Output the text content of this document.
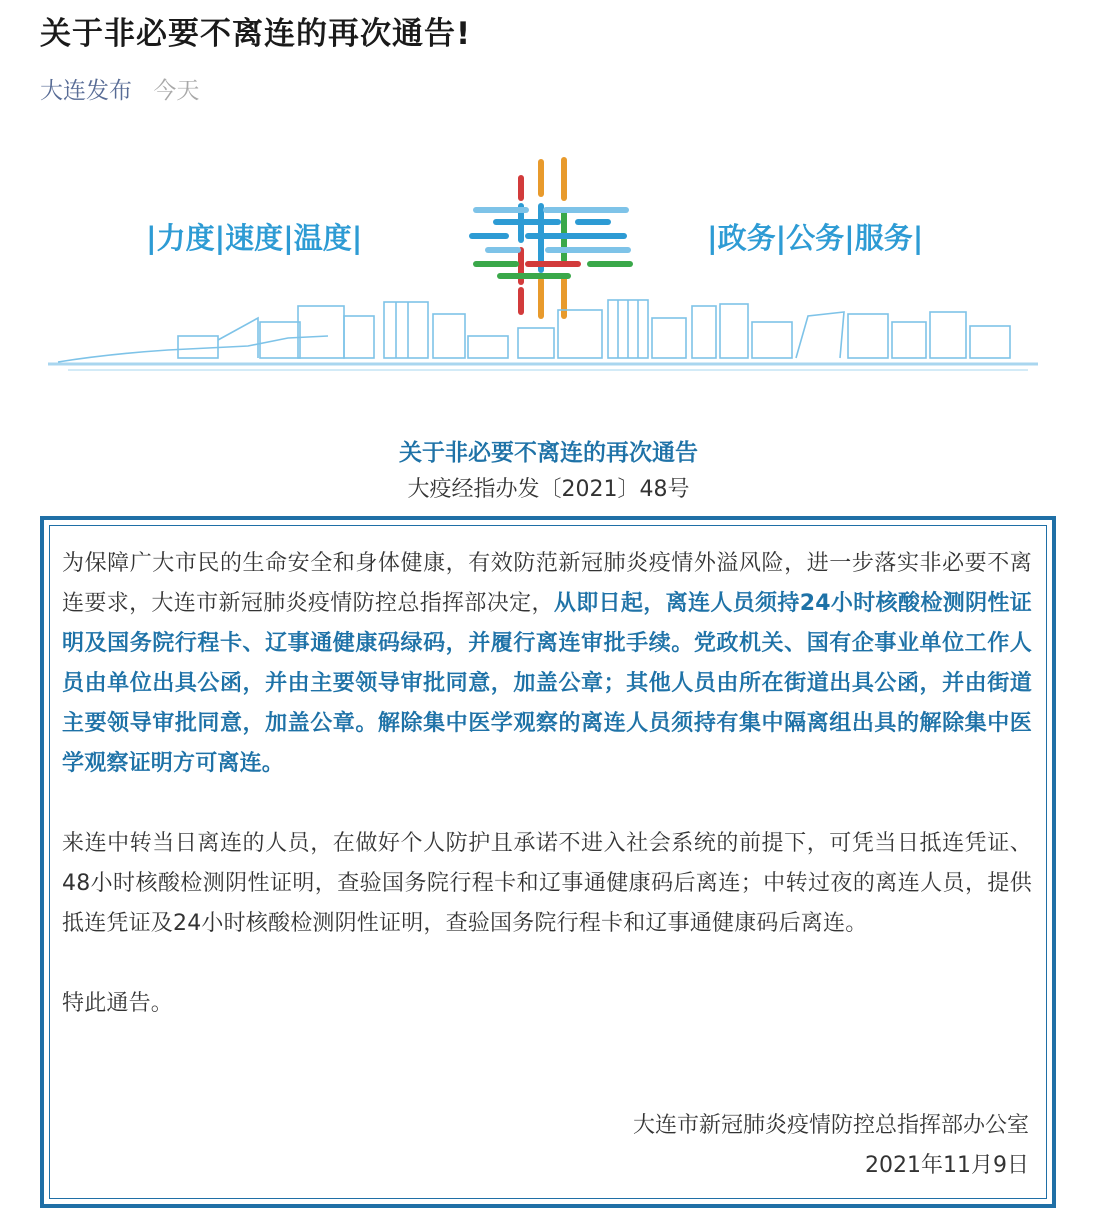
关于非必要不离连的再次通告!
大连发布 今天
|力度|速度|温度|	|政务|公务|服务|
关于非必要不离连的再次通告
大疫经指办发〔2021〕48号

为保障广大市民的生命安全和身体健康，有效防范新冠肺炎疫情外溢风险，进一步落实非必要不离连要求，大连市新冠肺炎疫情防控总指挥部决定，从即日起，离连人员须持24小时核酸检测阴性证明及国务院行程卡、辽事通健康码绿码，并履行离连审批手续。党政机关、国有企事业单位工作人员由单位出具公函，并由主要领导审批同意，加盖公章；其他人员由所在街道出具公函，并由街道主要领导审批同意，加盖公章。解除集中医学观察的离连人员须持有集中隔离组出具的解除集中医学观察证明方可离连。

来连中转当日离连的人员，在做好个人防护且承诺不进入社会系统的前提下，可凭当日抵连凭证、48小时核酸检测阴性证明，查验国务院行程卡和辽事通健康码后离连；中转过夜的离连人员，提供抵连凭证及24小时核酸检测阴性证明，查验国务院行程卡和辽事通健康码后离连。

特此通告。

大连市新冠肺炎疫情防控总指挥部办公室
2021年11月9日
